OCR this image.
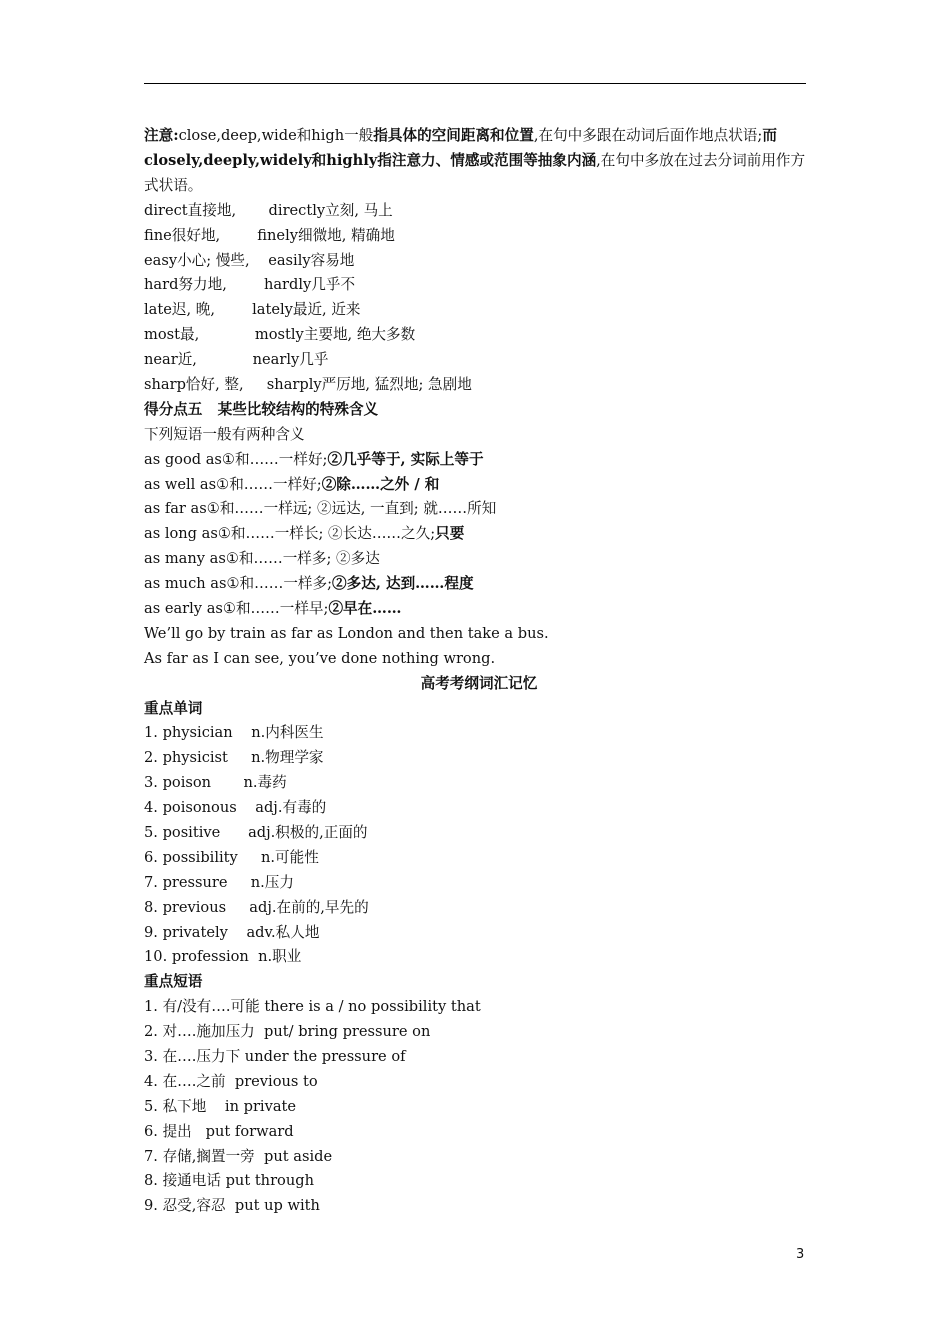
注意:close,deep,wide和high一般指具体的空间距离和位置,在句中多跟在动词后面作地点状语;而closely,deeply,widely和highly指注意力、情感或范围等抽象内涵,在句中多放在过去分词前用作方式状语。
direct直接地,       directly立刻, 马上
fine很好地,        finely细微地, 精确地
easy小心; 慢些,    easily容易地
hard努力地,        hardly几乎不
late迟, 晚,        lately最近, 近来
most最,            mostly主要地, 绝大多数
near近,            nearly几乎
sharp恰好, 整,     sharply严厉地, 猛烈地; 急剧地
得分点五   某些比较结构的特殊含义
下列短语一般有两种含义
as good as①和……一样好;②几乎等于, 实际上等于
as well as①和……一样好;②除……之外 / 和
as far as①和……一样远; ②远达, 一直到; 就……所知
as long as①和……一样长; ②长达……之久;只要
as many as①和……一样多; ②多达
as much as①和……一样多;②多达, 达到……程度
as early as①和……一样早;②早在……
We’ll go by train as far as London and then take a bus.
As far as I can see, you’ve done nothing wrong.
高考考纲词汇记忆
重点单词
1. physician    n.内科医生
2. physicist     n.物理学家
3. poison       n.毒药
4. poisonous    adj.有毒的
5. positive      adj.积极的,正面的
6. possibility     n.可能性
7. pressure     n.压力
8. previous     adj.在前的,早先的
9. privately    adv.私人地
10. profession  n.职业
重点短语
1. 有/没有….可能 there is a / no possibility that
2. 对….施加压力  put/ bring pressure on
3. 在….压力下 under the pressure of
4. 在….之前  previous to
5. 私下地    in private
6. 提出   put forward
7. 存储,搁置一旁  put aside
8. 接通电话 put through
9. 忍受,容忍  put up with
3
